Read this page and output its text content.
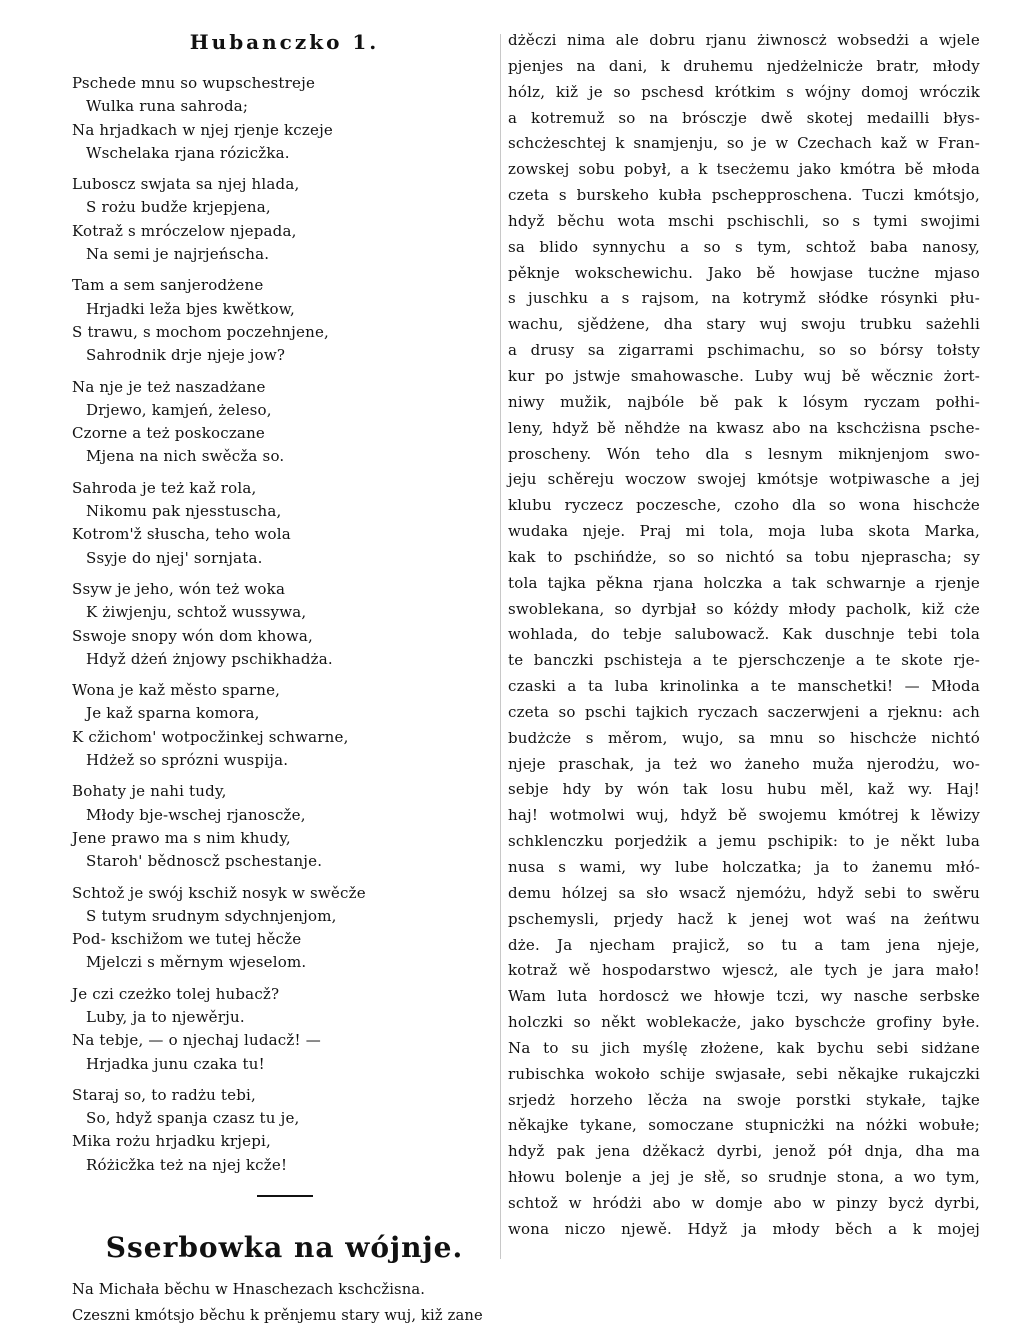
Hubanczko 1.
Pschede mnu so wupschestreje
Wulka runa sahroda;
Na hrjadkach w njej rjenje kczeje
Wschelaka rjana rózicžka.
Luboscz swjata sa njej hlada,
S rożu budže krjepjena,
Kotraž s mróczelow njepada,
Na semi je najrjeńscha.
Tam a sem sanjerodżene
Hrjadki leža bjes kwětkow,
S trawu, s mochom poczehnjene,
Sahrodnik drje njeje jow?
Na nje je też naszadżane
Drjewo, kamjeń, żeleso,
Czorne a też poskoczane
Mjena na nich swěcža so.
Sahroda je też kaž rola,
Nikomu pak njesstuscha,
Kotrom'ž słuscha, teho wola
Ssyje do njej' sornjata.
Ssyw je jeho, wón też woka
K żiwjenju, schtož wussywa,
Sswoje snopy wón dom khowa,
Hdyž dżeń żnjowy pschikhadża.
Wona je kaž město sparne,
Je kaž sparna komora,
K cžichom' wotpocžinkej schwarne,
Hdżež so sprózni wuspija.
Bohaty je nahi tudy,
Młody bje-wschej rjanoscže,
Jene prawo ma s nim khudy,
Staroh' bědnoscž pschestanje.
Schtož je swój kschiž nosyk w swěcže
S tutym srudnym sdychnjenjom,
Pod- kschižom we tutej hěcže
Mjelczi s měrnym wjeselom.
Je czi czeżko tolej hubacž?
Luby, ja to njewěrju.
Na tebje, — o njechaj ludacž! —
Hrjadka junu czaka tu!
Staraj so, to radżu tebi,
So, hdyž spanja czasz tu je,
Mika rożu hrjadku krjepi,
Różicžka też na njej kcže!
Sserbowka na wójnje.
Na Michała běchu w Hnaschezach kschcžisna.
Czeszni kmótsjo běchu k prěnjemu stary wuj, kiž zane
dżěczi nima ale dobru rjanu żiwnoscż wobsedżi a wjele
pjenjes na dani, k druhemu njedżelnicże bratr, młody
hólz, kiž je so pschesd krótkim s wójny domoj wróczik
a kotremuž so na brósczje dwě skotej medailli błys-
schcżeschtej k snamjenju, so je w Czechach kaž w Fran-
zowskej sobu pobył, a k tsecżemu jako kmótra bě młoda
czeta s burskeho kubła pschepproschena. Tuczi kmótsjo,
hdyž běchu wota mschi pschischli, so s tymi swojimi
sa blido synnychu a so s tym, schtož baba nanosy,
pěknje wokschewichu. Jako bě howjase tucżne mjaso
s juschku a s rajsom, na kotrymž słódke rósynki płu-
wachu, sjědżene, dha stary wuj swoju trubku sażehli
a drusy sa zigarrami pschimachu, so so bórsy tołsty
kur po jstwje smahowasche. Luby wuj bě wěczniє żort-
niwy mužik, najbóle bě pak k lósym ryczam połhi-
leny, hdyž bě něhdże na kwasz abo na kschcżisna psche-
proscheny. Wón teho dla s lesnym miknjenjom swo-
jeju schěreju woczow swojej kmótsje wotpiwasche a jej
klubu ryczecz poczesche, czoho dla so wona hischcże
wudaka njeje. Praj mi tola, moja luba skota Marka,
kak to pschińdże, so so nichtó sa tobu njeprascha; sy
tola tajka pěkna rjana holczka a tak schwarnje a rjenje
swoblekana, so dyrbjał so kóżdy młody pacholk, kiž cże
wohlada, do tebje salubowacž. Kak duschnje tebi tola
te banczki pschisteja a te pjerschczenje a te skote rje-
czaski a ta luba krinolinka a te manschetki! — Młoda
czeta so pschi tajkich ryczach saczerwjeni a rjeknu: ach
budżcże s měrom, wujo, sa mnu so hischcże nichtó
njeje praschak, ja też wo żaneho muža njerodżu, wo-
sebje hdy by wón tak losu hubu měl, kaž wy. Haj!
haj! wotmolwi wuj, hdyž bě swojemu kmótrej k lěwizy
schklenczku porjedżik a jemu pschipik: to je někt luba
nusa s wami, wy lube holczatka; ja to żanemu młó-
demu hólzej sa sło wsacž njemóżu, hdyž sebi to swěru
pschemysli, prjedy hacž k jenej wot waś na żeńtwu
dże. Ja njecham prajicž, so tu a tam jena njeje,
kotraž wě hospodarstwo wjescż, ale tych je jara mało!
Wam luta hordoscż we hłowje tczi, wy nasche serbske
holczki so někt woblekacże, jako byschcże grofiny byłe.
Na to su jich myślę złożene, kak bychu sebi sidżane
rubischka wokoło schije swjasałe, sebi někajke rukajczki
srjedż horzeho lěcża na swoje porstki stykałe, tajke
někajke tykane, somoczane stupnicżki na nóżki wobułe;
hdyž pak jena dżěkacż dyrbi, jenož pół dnja, dha ma
hłowu bolenje a jej je słě, so srudnje stona, a wo tym,
schtož w hródżi abo w domje abo w pinzy bycż dyrbi,
wona niczo njewě. Hdyž ja młody běch a k mojej
